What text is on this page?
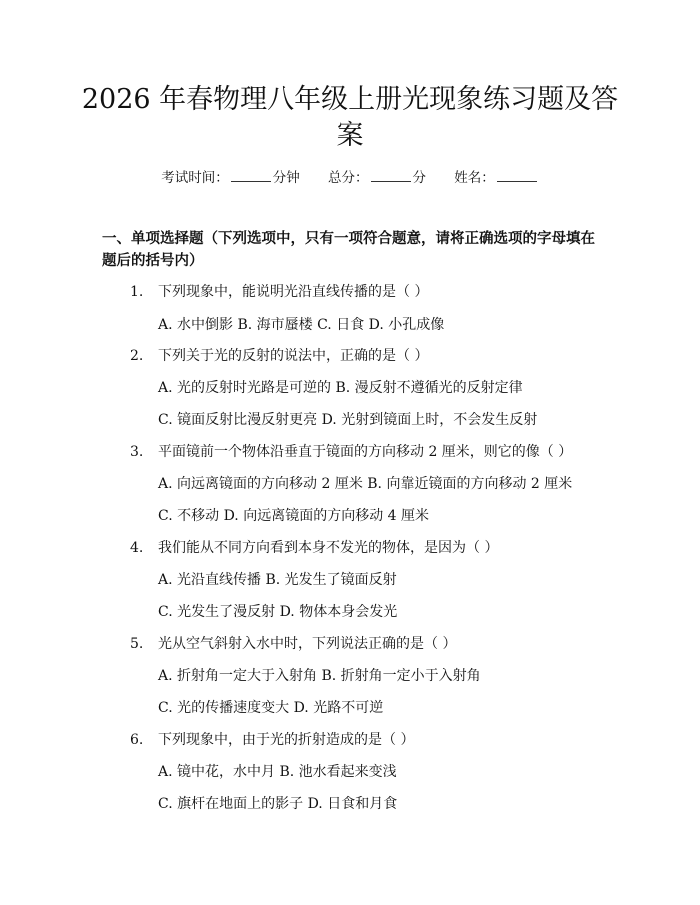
2026 年春物理八年级上册光现象练习题及答案
考试时间：	分钟 总分：	分 姓名：
一、单项选择题（下列选项中，只有一项符合题意，请将正确选项的字母填在题后的括号内）
1. 下列现象中，能说明光沿直线传播的是（ ）
A. 水中倒影 B. 海市蜃楼 C. 日食 D. 小孔成像
2. 下列关于光的反射的说法中，正确的是（ ）
A. 光的反射时光路是可逆的 B. 漫反射不遵循光的反射定律
C. 镜面反射比漫反射更亮 D. 光射到镜面上时，不会发生反射
3. 平面镜前一个物体沿垂直于镜面的方向移动 2 厘米，则它的像（ ）
A. 向远离镜面的方向移动 2 厘米 B. 向靠近镜面的方向移动 2 厘米
C. 不移动 D. 向远离镜面的方向移动 4 厘米
4. 我们能从不同方向看到本身不发光的物体，是因为（ ）
A. 光沿直线传播 B. 光发生了镜面反射
C. 光发生了漫反射 D. 物体本身会发光
5. 光从空气斜射入水中时，下列说法正确的是（ ）
A. 折射角一定大于入射角 B. 折射角一定小于入射角
C. 光的传播速度变大 D. 光路不可逆
6. 下列现象中，由于光的折射造成的是（ ）
A. 镜中花，水中月 B. 池水看起来变浅
C. 旗杆在地面上的影子 D. 日食和月食
